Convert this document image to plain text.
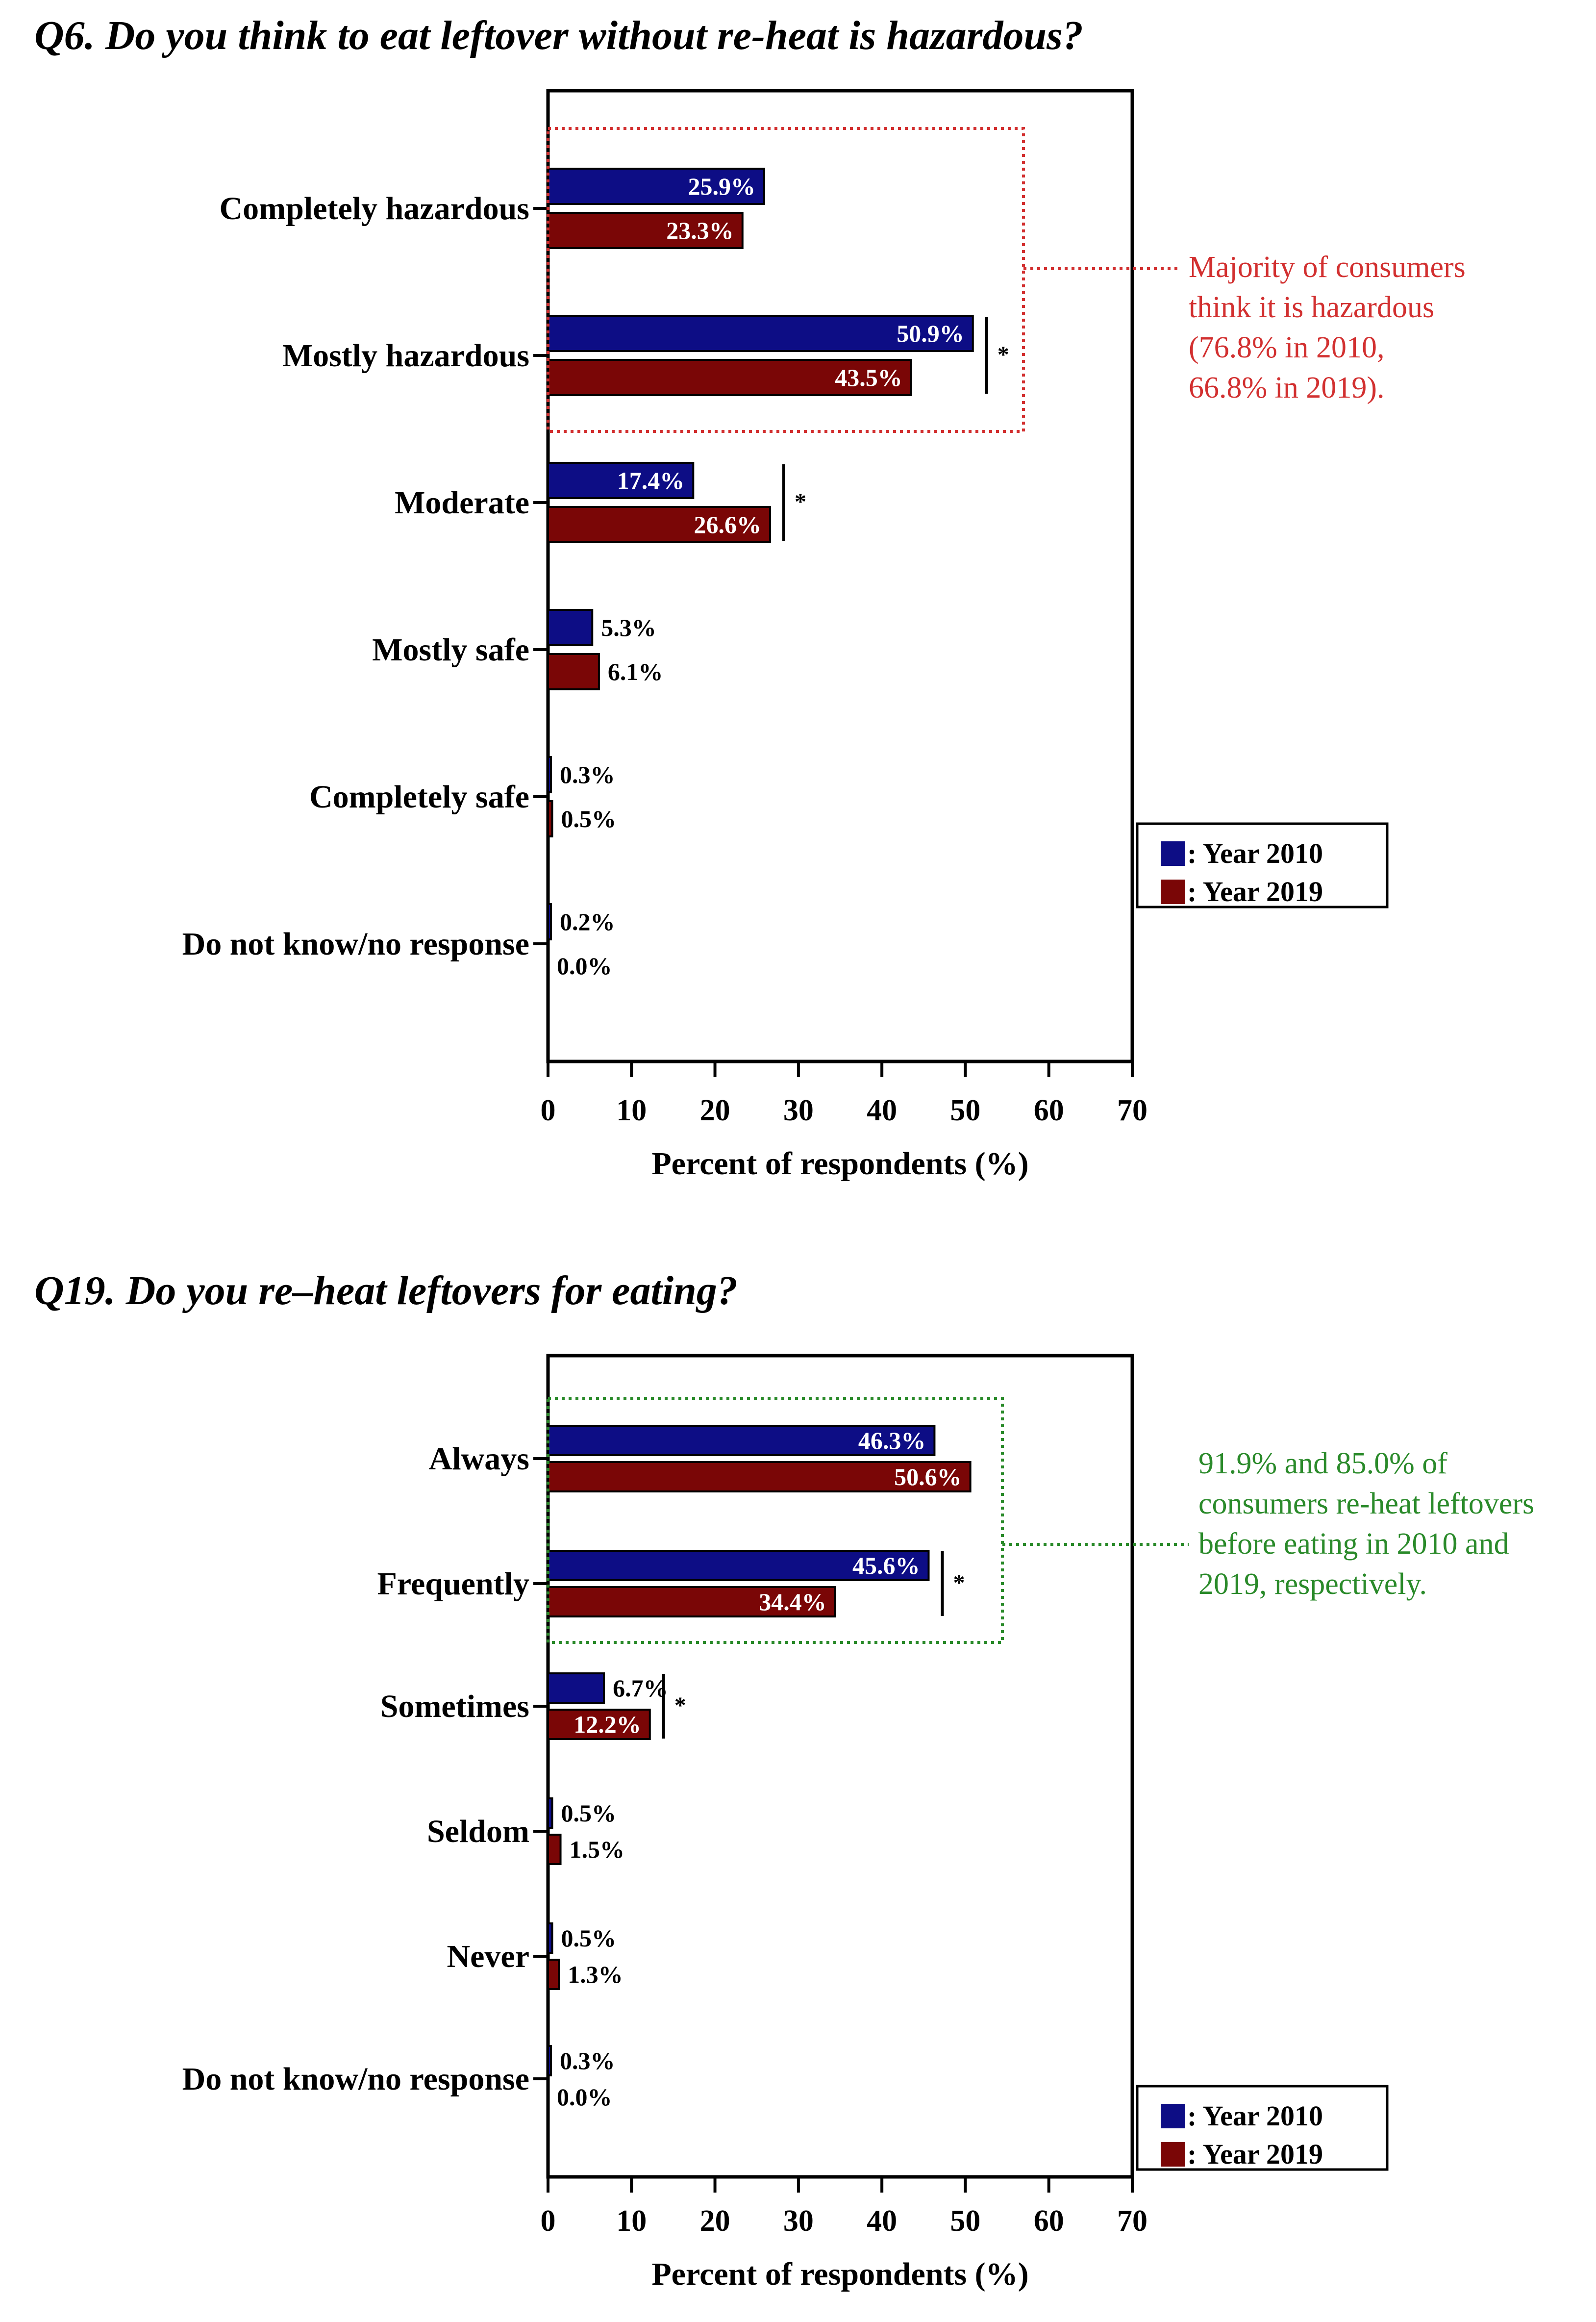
Q6. Do you think to eat leftover without re-heat is hazardous?
0 10 20 30 40 50 60 70
Percent of respondents (%)
Completely hazardous
25.9%
23.3%
Mostly hazardous
50.9%
43.5%
Moderate
17.4%
26.6%
Mostly safe
5.3%
6.1%
Completely safe
0.3%
0.5%
Do not know/no response
0.2%
0.0%
*
*
Majority of consumers
think it is hazardous
(76.8% in 2010,
66.8% in 2019).
: Year 2010
: Year 2019
Q19. Do you re–heat leftovers for eating?
0 10 20 30 40 50 60 70
Percent of respondents (%)
Always
46.3%
50.6%
Frequently
45.6%
34.4%
Sometimes
6.7%
12.2%
Seldom
0.5%
1.5%
Never
0.5%
1.3%
Do not know/no response
0.3%
0.0%
*
*
91.9% and 85.0% of
consumers re-heat leftovers
before eating in 2010 and
2019, respectively.
: Year 2010
: Year 2019
